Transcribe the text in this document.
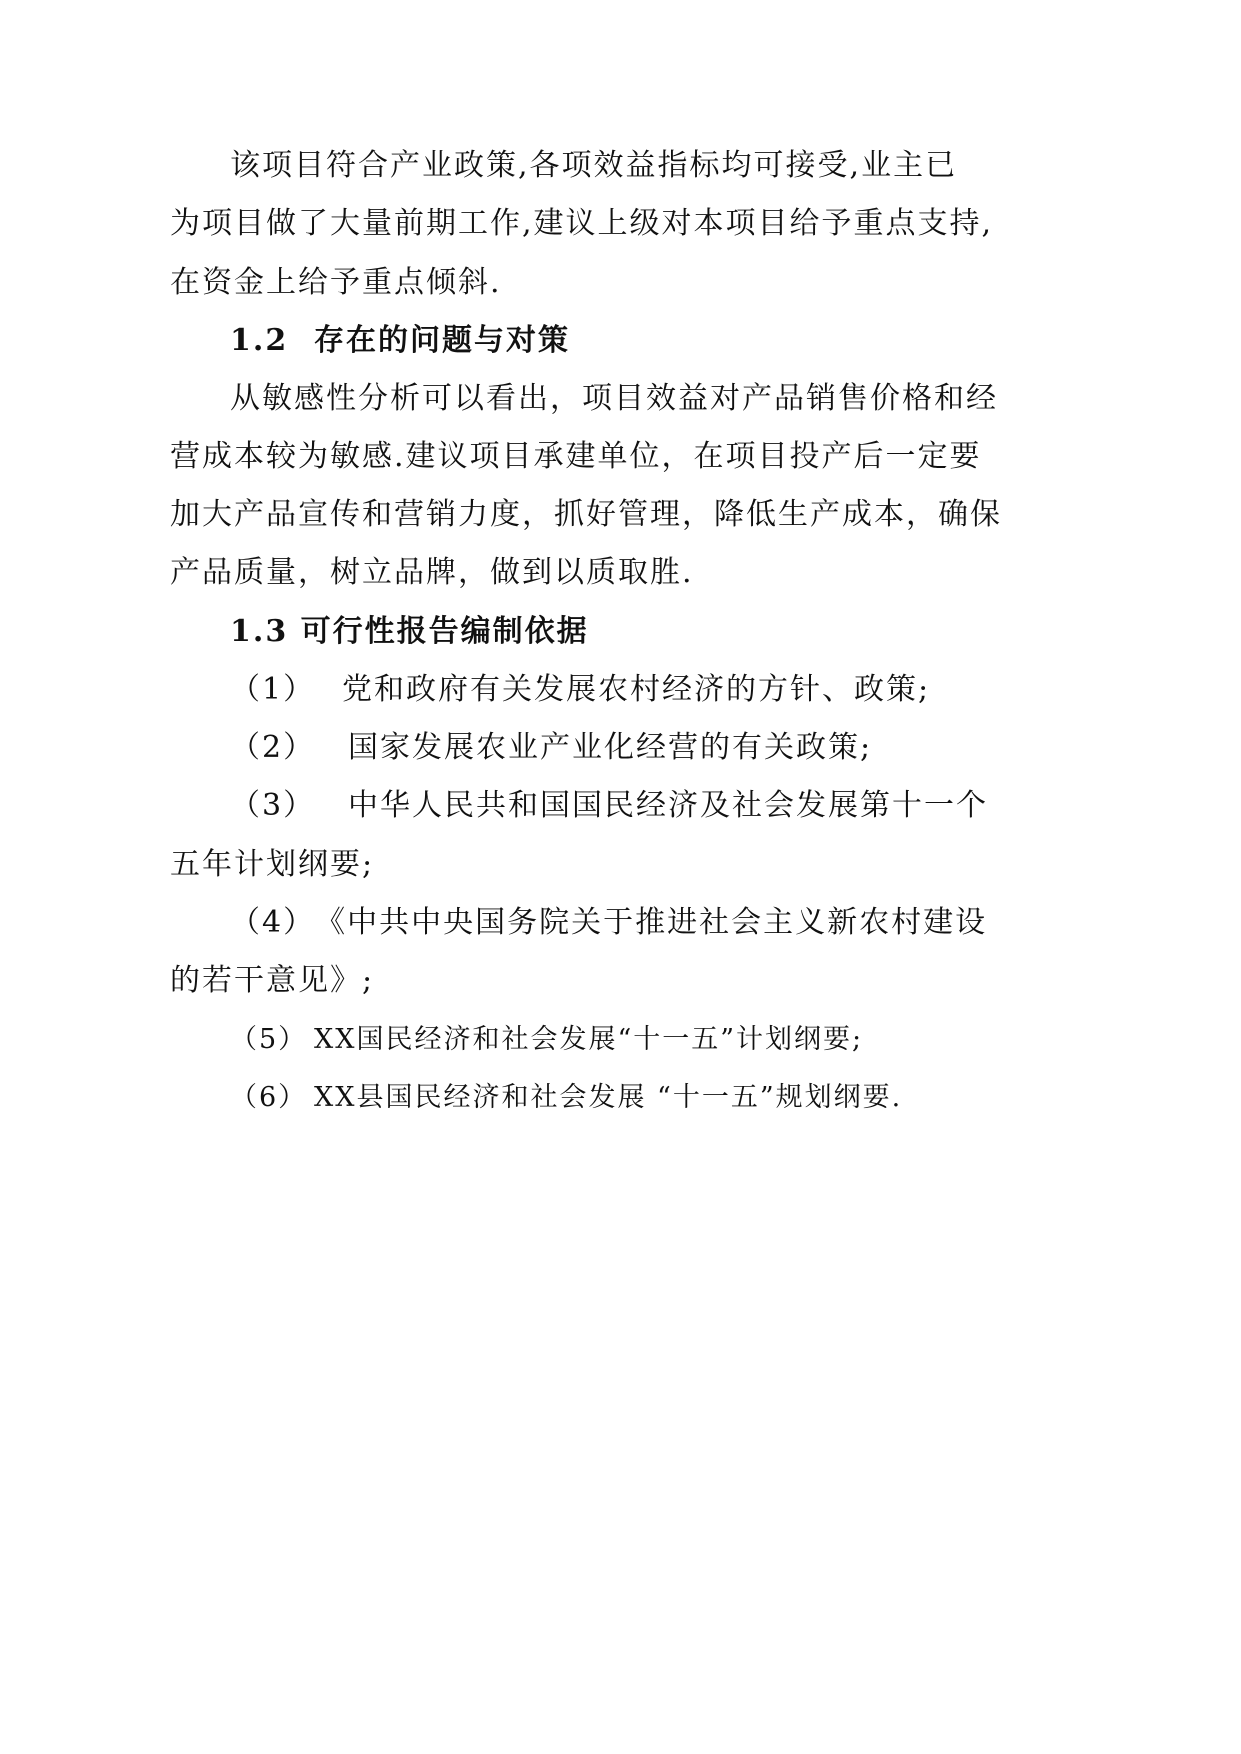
该项目符合产业政策,各项效益指标均可接受,业主已
为项目做了大量前期工作,建议上级对本项目给予重点支持,
在资金上给予重点倾斜.
1.2 存在的问题与对策
从敏感性分析可以看出，项目效益对产品销售价格和经
营成本较为敏感.建议项目承建单位，在项目投产后一定要
加大产品宣传和营销力度，抓好管理，降低生产成本，确保
产品质量，树立品牌，做到以质取胜.
1.3 可行性报告编制依据
（1） 党和政府有关发展农村经济的方针、政策;
（2） 国家发展农业产业化经营的有关政策;
（3） 中华人民共和国国民经济及社会发展第十一个
五年计划纲要;
（4）《中共中央国务院关于推进社会主义新农村建设
的若干意见》;
（5） XX国民经济和社会发展“十一五”计划纲要;
（6） XX县国民经济和社会发展 “十一五”规划纲要.
